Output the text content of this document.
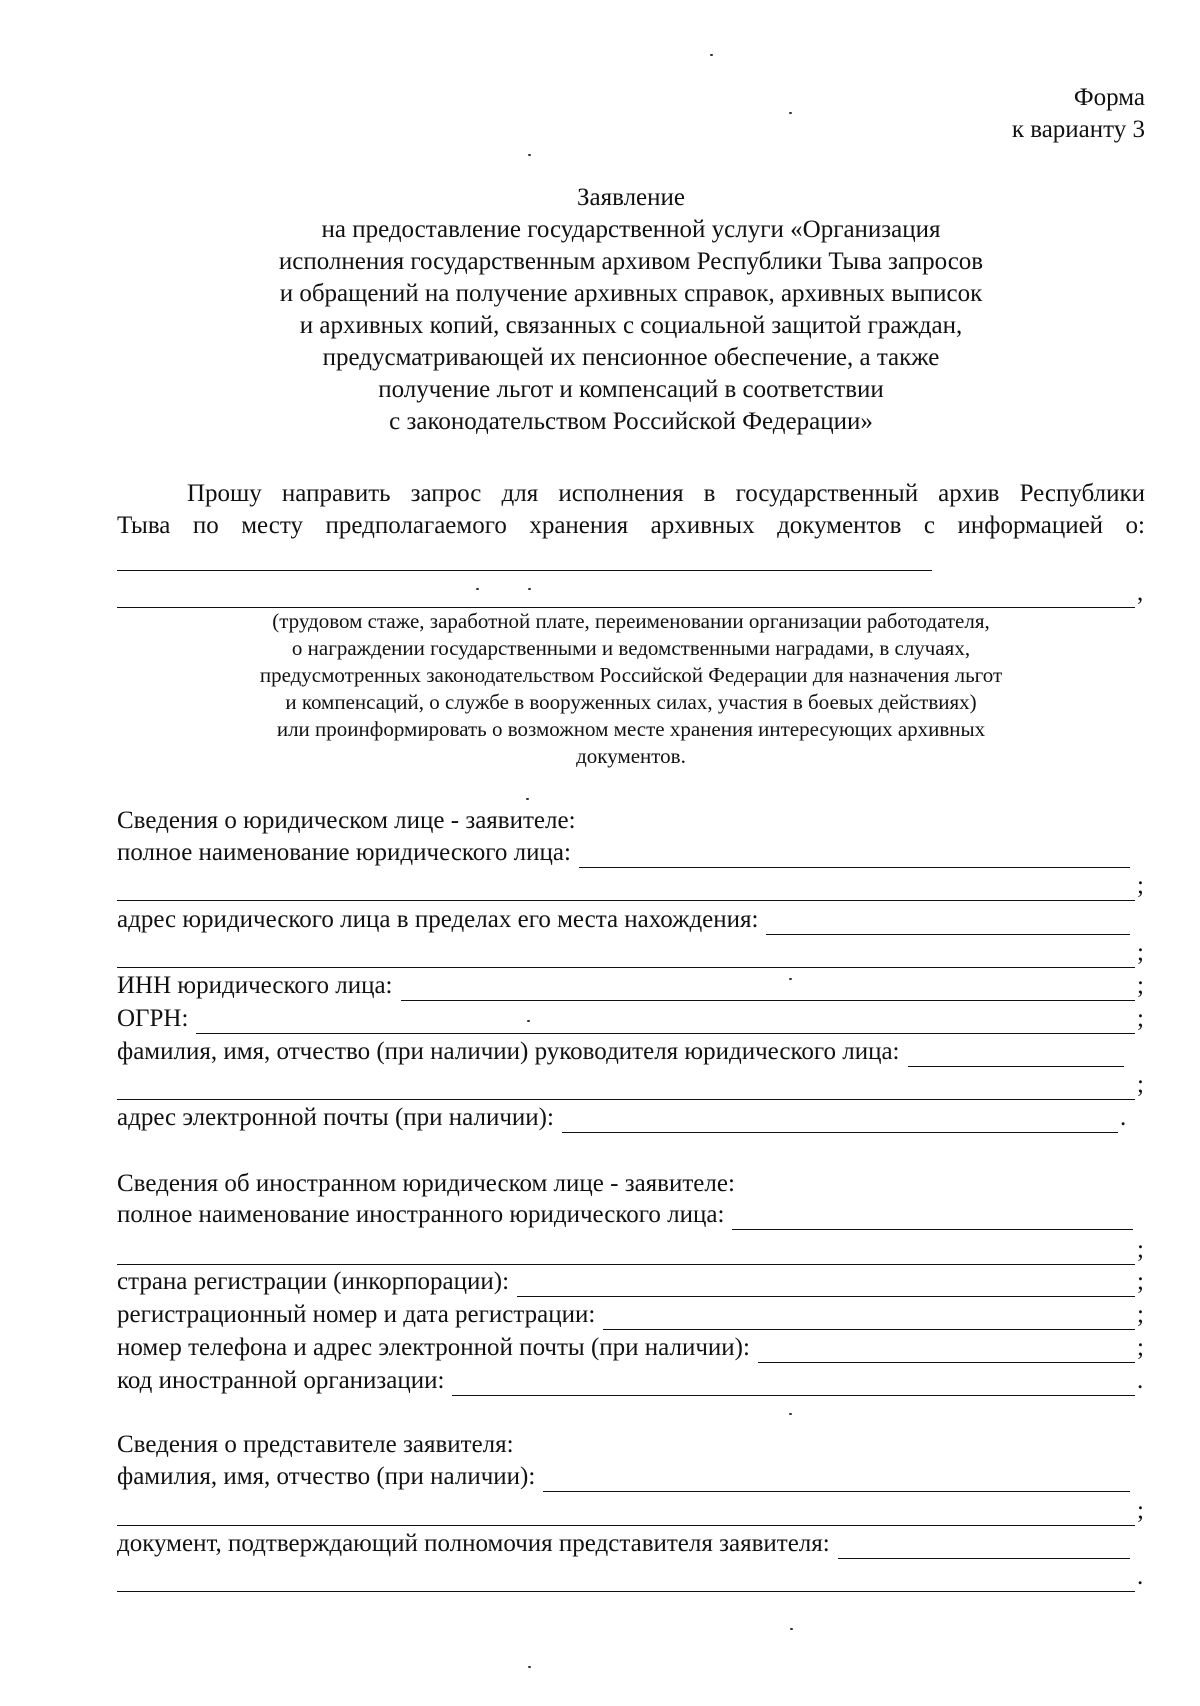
Форма
к варианту 3
Заявление
на предоставление государственной услуги «Организация
исполнения государственным архивом Республики Тыва запросов
и обращений на получение архивных справок, архивных выписок
и архивных копий, связанных с социальной защитой граждан,
предусматривающей их пенсионное обеспечение, а также
получение льгот и компенсаций в соответствии
с законодательством Российской Федерации»
Прошу направить запрос для исполнения в государственный архив Республики
Тыва по месту предполагаемого хранения архивных документов с информацией о:
,
(трудовом стаже, заработной плате, переименовании организации работодателя,
о награждении государственными и ведомственными наградами, в случаях,
предусмотренных законодательством Российской Федерации для назначения льгот
и компенсаций, о службе в вооруженных силах, участия в боевых действиях)
или проинформировать о возможном месте хранения интересующих архивных
документов.
Сведения о юридическом лице - заявителе:
полное наименование юридического лица:
;
адрес юридического лица в пределах его места нахождения:
;
ИНН юридического лица:	;
ОГРН:	;
фамилия, имя, отчество (при наличии) руководителя юридического лица:
;
адрес электронной почты (при наличии):	.
Сведения об иностранном юридическом лице - заявителе:
полное наименование иностранного юридического лица:
;
страна регистрации (инкорпорации):	;
регистрационный номер и дата регистрации:	;
номер телефона и адрес электронной почты (при наличии):	;
код иностранной организации:	.
Сведения о представителе заявителя:
фамилия, имя, отчество (при наличии):
;
документ, подтверждающий полномочия представителя заявителя:
.
